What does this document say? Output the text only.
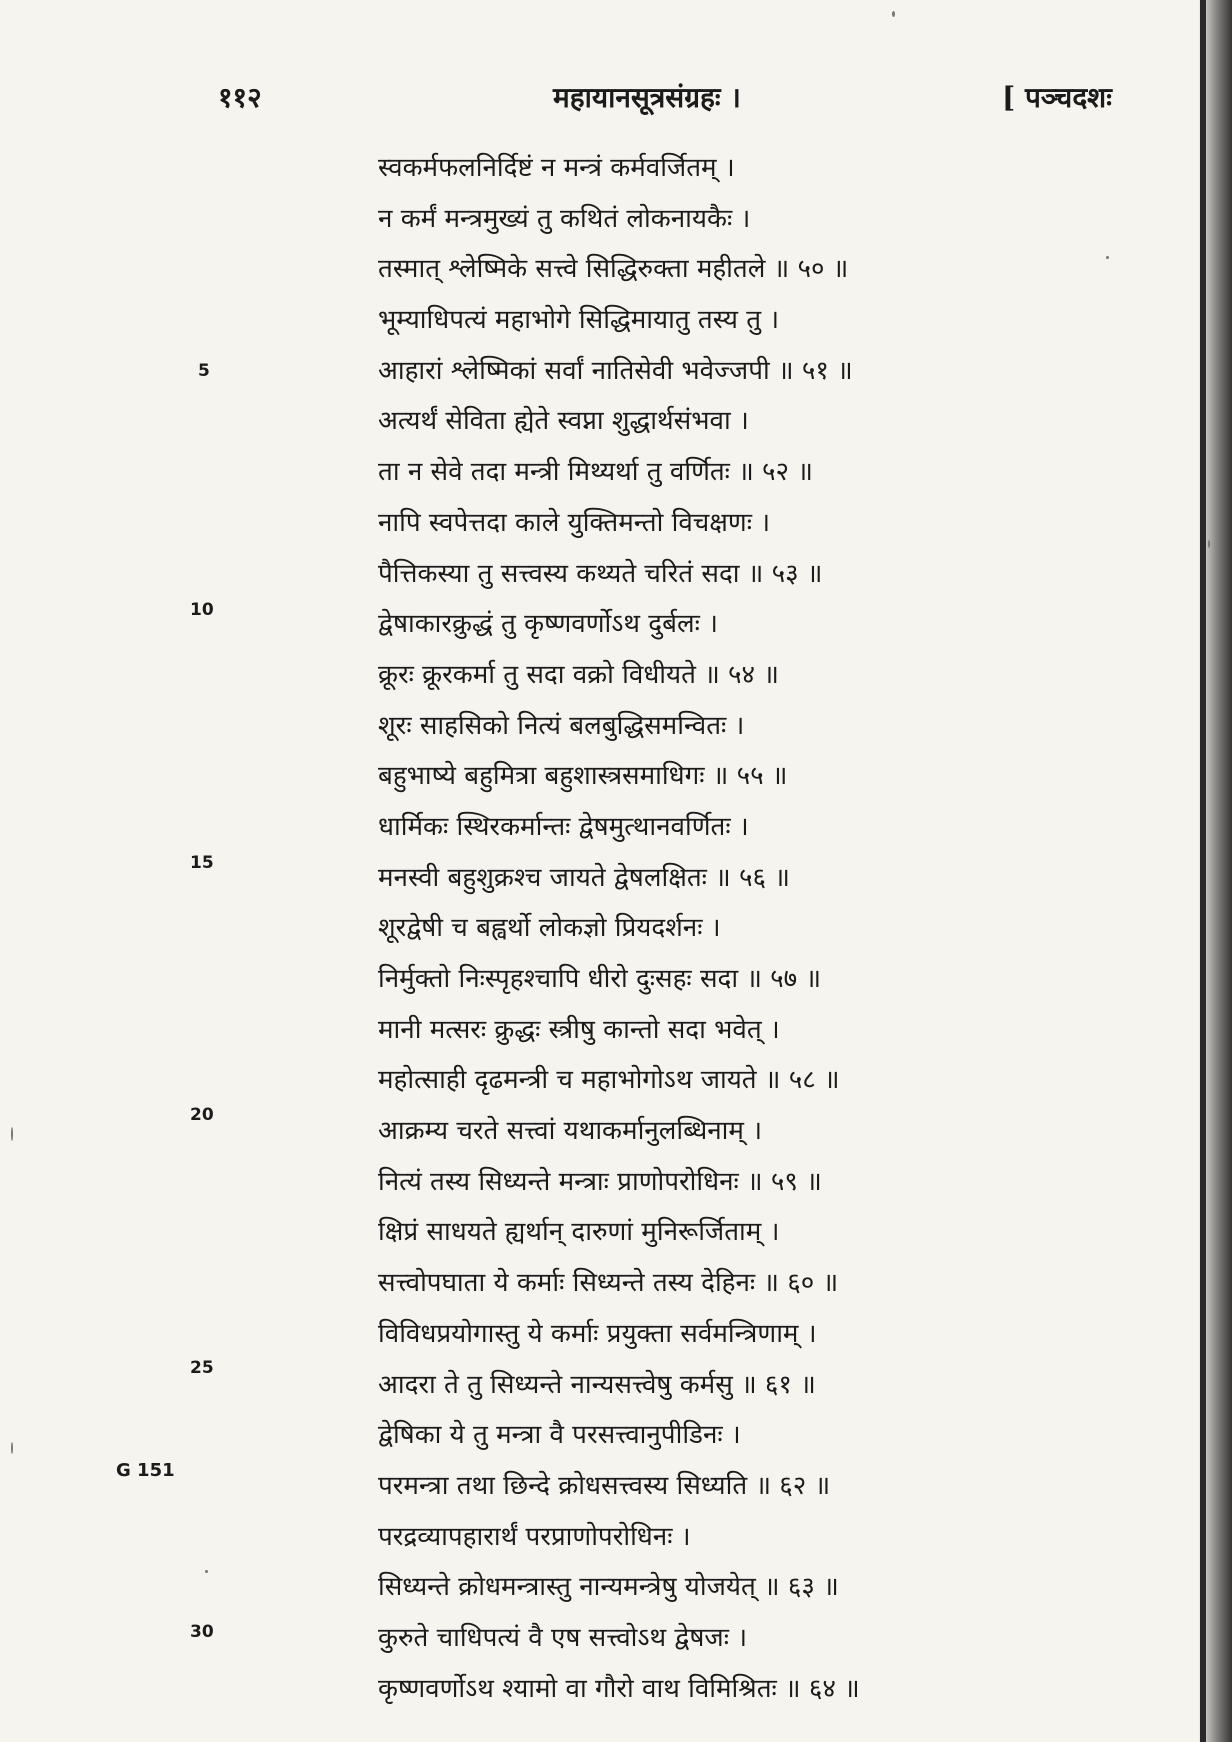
११२	महायानसूत्रसंग्रहः ।	[ पञ्चदशः
स्वकर्मफलनिर्दिष्टं न मन्त्रं कर्मवर्जितम् ।
न कर्मं मन्त्रमुख्यं तु कथितं लोकनायकैः ।
तस्मात् श्लेष्मिके सत्त्वे सिद्धिरुक्ता महीतले ॥ ५० ॥
भूम्याधिपत्यं महाभोगे सिद्धिमायातु तस्य तु ।
आहारां श्लेष्मिकां सर्वां नातिसेवी भवेज्जपी ॥ ५१ ॥
अत्यर्थं सेविता ह्येते स्वप्ना शुद्धार्थसंभवा ।
ता न सेवे तदा मन्त्री मिथ्यर्था तु वर्णितः ॥ ५२ ॥
नापि स्वपेत्तदा काले युक्तिमन्तो विचक्षणः ।
पैत्तिकस्या तु सत्त्वस्य कथ्यते चरितं सदा ॥ ५३ ॥
द्वेषाकारक्रुद्धं तु कृष्णवर्णोऽथ दुर्बलः ।
क्रूरः क्रूरकर्मा तु सदा वक्रो विधीयते ॥ ५४ ॥
शूरः साहसिको नित्यं बलबुद्धिसमन्वितः ।
बहुभाष्ये बहुमित्रा बहुशास्त्रसमाधिगः ॥ ५५ ॥
धार्मिकः स्थिरकर्मान्तः द्वेषमुत्थानवर्णितः ।
मनस्वी बहुशुक्रश्च जायते द्वेषलक्षितः ॥ ५६ ॥
शूरद्वेषी च बह्वर्थो लोकज्ञो प्रियदर्शनः ।
निर्मुक्तो निःस्पृहश्चापि धीरो दुःसहः सदा ॥ ५७ ॥
मानी मत्सरः क्रुद्धः स्त्रीषु कान्तो सदा भवेत् ।
महोत्साही दृढमन्त्री च महाभोगोऽथ जायते ॥ ५८ ॥
आक्रम्य चरते सत्त्वां यथाकर्मानुलब्धिनाम् ।
नित्यं तस्य सिध्यन्ते मन्त्राः प्राणोपरोधिनः ॥ ५९ ॥
क्षिप्रं साधयते ह्यर्थान् दारुणां मुनिरूर्जिताम् ।
सत्त्वोपघाता ये कर्माः सिध्यन्ते तस्य देहिनः ॥ ६० ॥
विविधप्रयोगास्तु ये कर्माः प्रयुक्ता सर्वमन्त्रिणाम् ।
आदरा ते तु सिध्यन्ते नान्यसत्त्वेषु कर्मसु ॥ ६१ ॥
द्वेषिका ये तु मन्त्रा वै परसत्त्वानुपीडिनः ।
परमन्त्रा तथा छिन्दे क्रोधसत्त्वस्य सिध्यति ॥ ६२ ॥
परद्रव्यापहारार्थं परप्राणोपरोधिनः ।
सिध्यन्ते क्रोधमन्त्रास्तु नान्यमन्त्रेषु योजयेत् ॥ ६३ ॥
कुरुते चाधिपत्यं वै एष सत्त्वोऽथ द्वेषजः ।
कृष्णवर्णोऽथ श्यामो वा गौरो वाथ विमिश्रितः ॥ ६४ ॥
5
10
15
20
25
30
G 151
